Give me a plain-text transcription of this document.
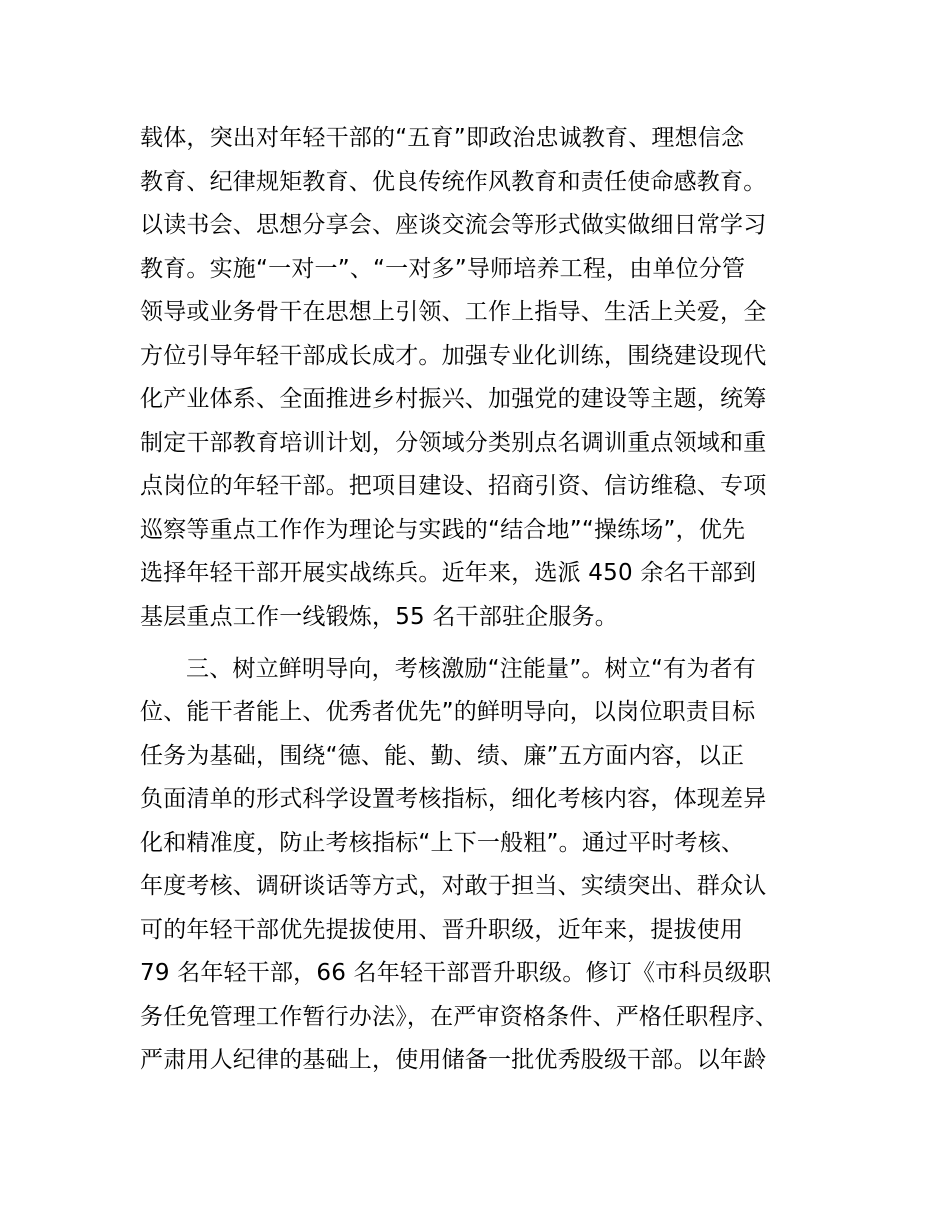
载体，突出对年轻干部的“五育”即政治忠诚教育、理想信念
教育、纪律规矩教育、优良传统作风教育和责任使命感教育。
以读书会、思想分享会、座谈交流会等形式做实做细日常学习
教育。实施“一对一”、“一对多”导师培养工程，由单位分管
领导或业务骨干在思想上引领、工作上指导、生活上关爱，全
方位引导年轻干部成长成才。加强专业化训练，围绕建设现代
化产业体系、全面推进乡村振兴、加强党的建设等主题，统筹
制定干部教育培训计划，分领域分类别点名调训重点领域和重
点岗位的年轻干部。把项目建设、招商引资、信访维稳、专项
巡察等重点工作作为理论与实践的“结合地”“操练场”，优先
选择年轻干部开展实战练兵。近年来，选派 450 余名干部到
基层重点工作一线锻炼，55 名干部驻企服务。
三、树立鲜明导向，考核激励“注能量”。树立“有为者有
位、能干者能上、优秀者优先”的鲜明导向，以岗位职责目标
任务为基础，围绕“德、能、勤、绩、廉”五方面内容，以正
负面清单的形式科学设置考核指标，细化考核内容，体现差异
化和精准度，防止考核指标“上下一般粗”。通过平时考核、
年度考核、调研谈话等方式，对敢于担当、实绩突出、群众认
可的年轻干部优先提拔使用、晋升职级，近年来，提拔使用
79 名年轻干部，66 名年轻干部晋升职级。修订《市科员级职
务任免管理工作暂行办法》，在严审资格条件、严格任职程序、
严肃用人纪律的基础上，使用储备一批优秀股级干部。以年龄
